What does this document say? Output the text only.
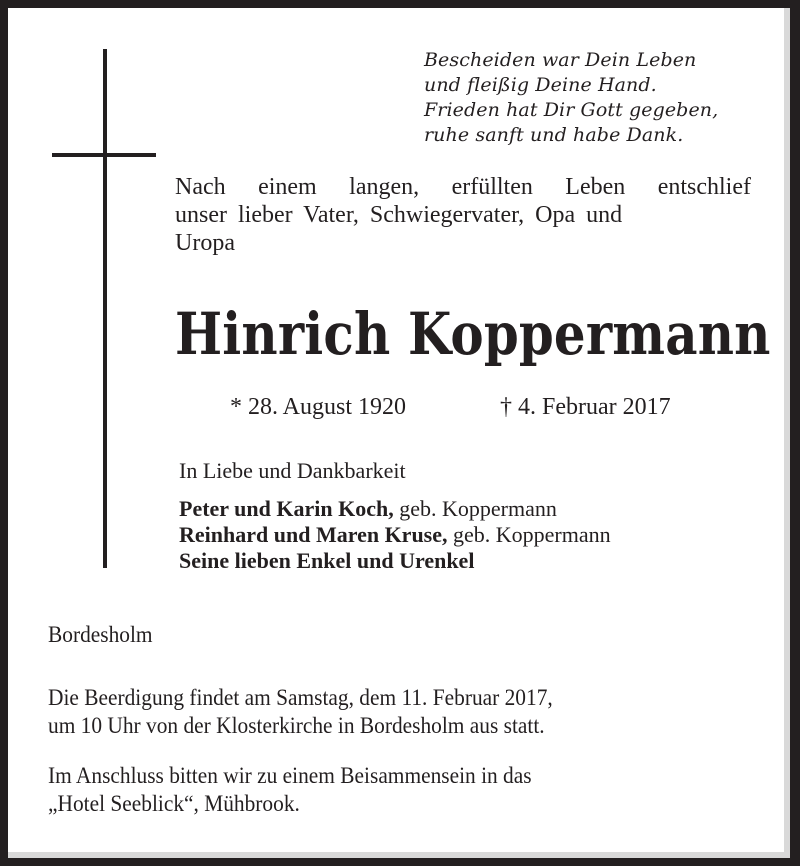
Bescheiden war Dein Leben
und fleißig Deine Hand.
Frieden hat Dir Gott gegeben,
ruhe sanft und habe Dank.
Nach einem langen, erfüllten Leben entschlief
unser lieber Vater, Schwiegervater, Opa und
Uropa
Hinrich Koppermann
* 28. August 1920	† 4. Februar 2017
In Liebe und Dankbarkeit
Peter und Karin Koch, geb. Koppermann
Reinhard und Maren Kruse, geb. Koppermann
Seine lieben Enkel und Urenkel
Bordesholm
Die Beerdigung findet am Samstag, dem 11. Februar 2017,
um 10 Uhr von der Klosterkirche in Bordesholm aus statt.
Im Anschluss bitten wir zu einem Beisammensein in das
„Hotel Seeblick“, Mühbrook.
